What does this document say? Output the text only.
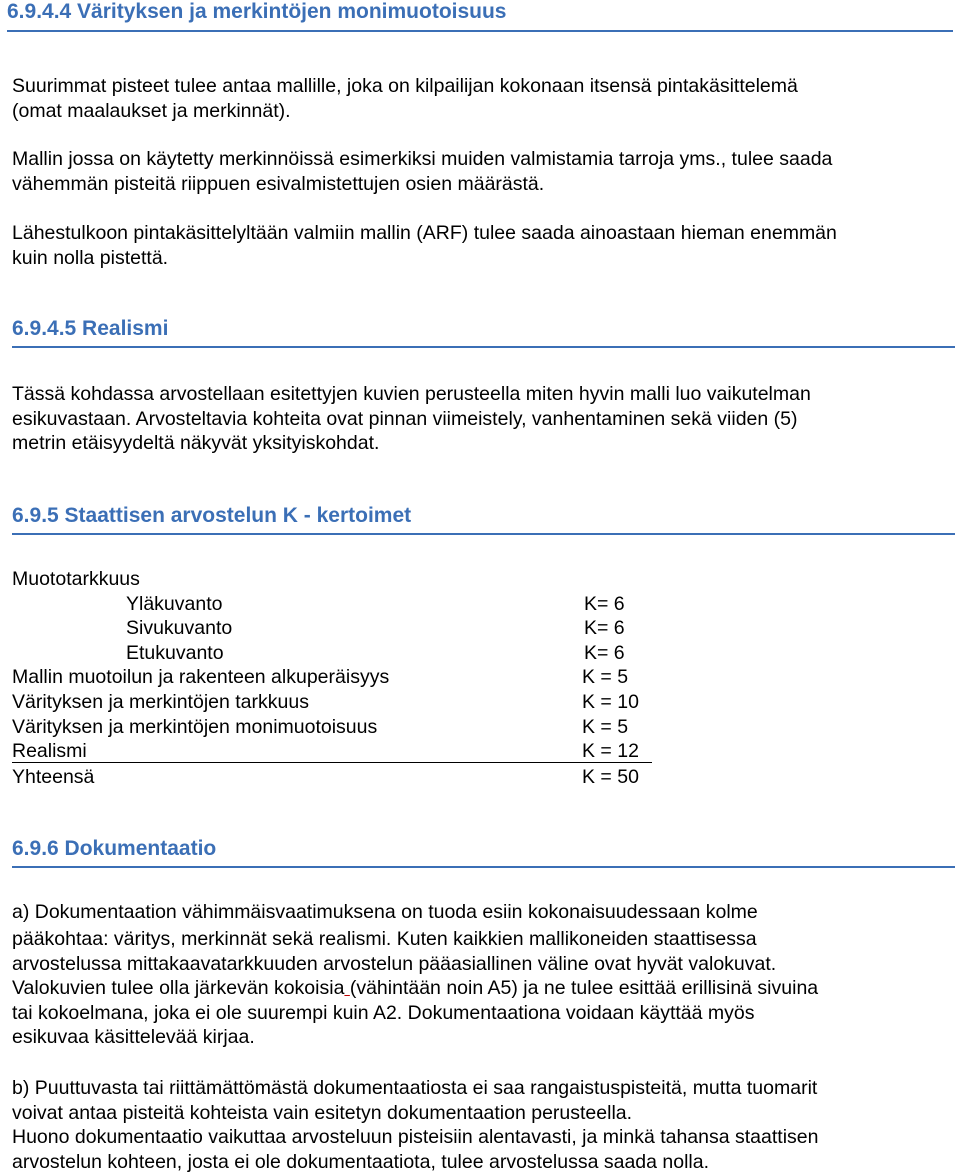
6.9.4.4 Värityksen ja merkintöjen monimuotoisuus
Suurimmat pisteet tulee antaa mallille, joka on kilpailijan kokonaan itsensä pintakäsittelemä
(omat maalaukset ja merkinnät).
Mallin jossa on käytetty merkinnöissä esimerkiksi muiden valmistamia tarroja yms., tulee saada
vähemmän pisteitä riippuen esivalmistettujen osien määrästä.
Lähestulkoon pintakäsittelyltään valmiin mallin (ARF) tulee saada ainoastaan hieman enemmän
kuin nolla pistettä.
6.9.4.5 Realismi
Tässä kohdassa arvostellaan esitettyjen kuvien perusteella miten hyvin malli luo vaikutelman
esikuvastaan. Arvosteltavia kohteita ovat pinnan viimeistely, vanhentaminen sekä viiden (5)
metrin etäisyydeltä näkyvät yksityiskohdat.
6.9.5 Staattisen arvostelun K - kertoimet
Muototarkkuus
Yläkuvanto	K= 6
Sivukuvanto	K= 6
Etukuvanto	K= 6
Mallin muotoilun ja rakenteen alkuperäisyys	K = 5
Värityksen ja merkintöjen tarkkuus	K = 10
Värityksen ja merkintöjen monimuotoisuus	K = 5
Realismi	K = 12
Yhteensä	K = 50
6.9.6 Dokumentaatio
a) Dokumentaation vähimmäisvaatimuksena on tuoda esiin kokonaisuudessaan kolme
pääkohtaa: väritys, merkinnät sekä realismi. Kuten kaikkien mallikoneiden staattisessa
arvostelussa mittakaavatarkkuuden arvostelun pääasiallinen väline ovat hyvät valokuvat.
Valokuvien tulee olla järkevän kokoisia (vähintään noin A5) ja ne tulee esittää erillisinä sivuina
tai kokoelmana, joka ei ole suurempi kuin A2. Dokumentaationa voidaan käyttää myös
esikuvaa käsittelevää kirjaa.
b) Puuttuvasta tai riittämättömästä dokumentaatiosta ei saa rangaistuspisteitä, mutta tuomarit
voivat antaa pisteitä kohteista vain esitetyn dokumentaation perusteella.
Huono dokumentaatio vaikuttaa arvosteluun pisteisiin alentavasti, ja minkä tahansa staattisen
arvostelun kohteen, josta ei ole dokumentaatiota, tulee arvostelussa saada nolla.
